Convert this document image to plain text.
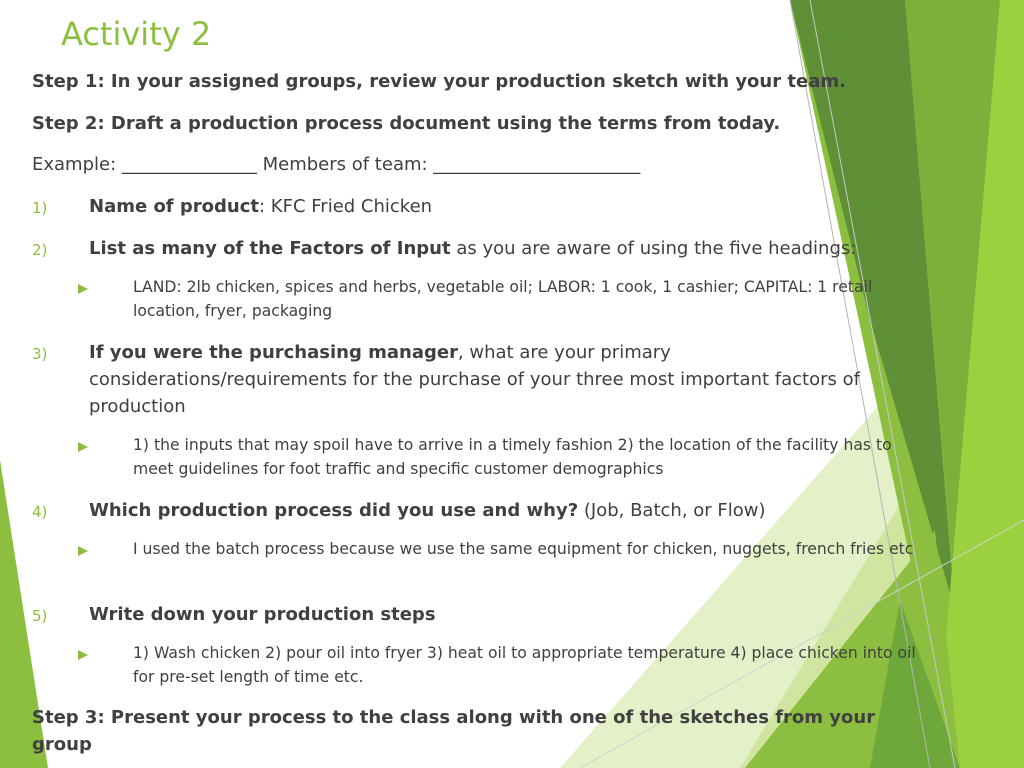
Activity 2
Step 1: In your assigned groups, review your production sketch with your team.
Step 2: Draft a production process document using the terms from today.
Example: _______________ Members of team: _______________________
1) Name of product: KFC Fried Chicken
2) List as many of the Factors of Input as you are aware of using the five headings:
LAND: 2lb chicken, spices and herbs, vegetable oil; LABOR: 1 cook, 1 cashier; CAPITAL: 1 retail location, fryer, packaging
3) If you were the purchasing manager, what are your primary considerations/requirements for the purchase of your three most important factors of production
1) the inputs that may spoil have to arrive in a timely fashion 2) the location of the facility has to meet guidelines for foot traffic and specific customer demographics
4) Which production process did you use and why? (Job, Batch, or Flow)
I used the batch process because we use the same equipment for chicken, nuggets, french fries etc
5) Write down your production steps
1) Wash chicken 2) pour oil into fryer 3) heat oil to appropriate temperature 4) place chicken into oil for pre-set length of time etc.
Step 3: Present your process to the class along with one of the sketches from your group
